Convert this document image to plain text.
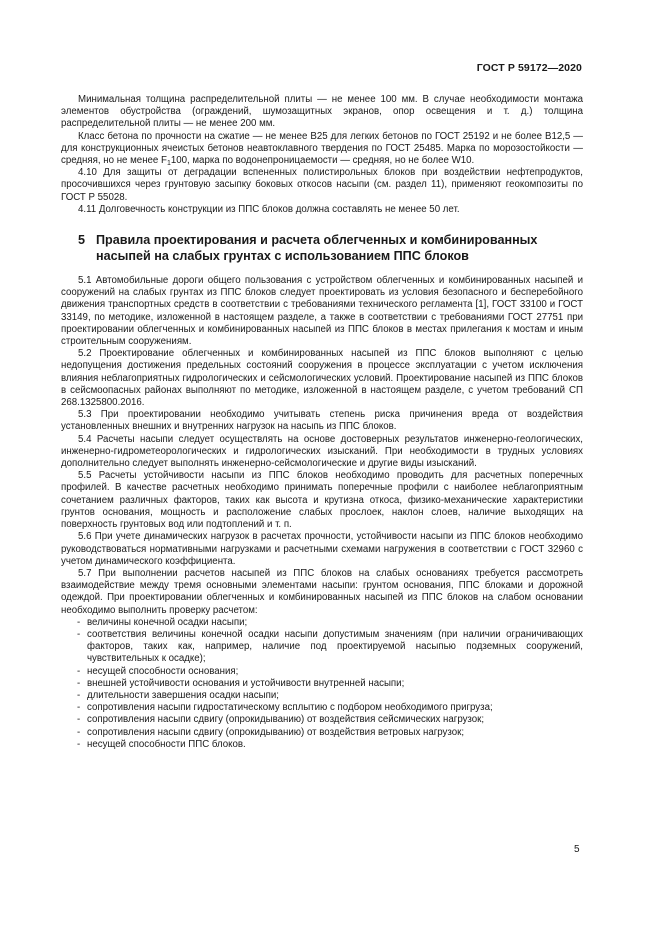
ГОСТ Р 59172—2020

Минимальная толщина распределительной плиты — не менее 100 мм. В случае необходимости монтажа элементов обустройства (ограждений, шумозащитных экранов, опор освещения и т. д.) толщина распределительной плиты — не менее 200 мм.

Класс бетона по прочности на сжатие — не менее В25 для легких бетонов по ГОСТ 25192 и не более В12,5 — для конструкционных ячеистых бетонов неавтоклавного твердения по ГОСТ 25485. Марка по морозостойкости — средняя, но не менее $F_1100$, марка по водонепроницаемости — средняя, но не более W10.

4.10 Для защиты от деградации вспененных полистирольных блоков при воздействии нефтепродуктов, просочившихся через грунтовую засыпку боковых откосов насыпи (см. раздел 11), применяют геокомпозиты по ГОСТ Р 55028.

4.11 Долговечность конструкции из ППС блоков должна составлять не менее 50 лет.

5 Правила проектирования и расчета облегченных и комбинированных
насыпей на слабых грунтах с использованием ППС блоков

5.1 Автомобильные дороги общего пользования с устройством облегченных и комбинированных насыпей и сооружений на слабых грунтах из ППС блоков следует проектировать из условия безопасного и бесперебойного движения транспортных средств в соответствии с требованиями технического регламента [1], ГОСТ 33100 и ГОСТ 33149, по методике, изложенной в настоящем разделе, а также в соответствии с требованиями ГОСТ 27751 при проектировании облегченных и комбинированных насыпей из ППС блоков в местах прилегания к мостам и иным строительным сооружениям.

5.2 Проектирование облегченных и комбинированных насыпей из ППС блоков выполняют с целью недопущения достижения предельных состояний сооружения в процессе эксплуатации с учетом исключения влияния неблагоприятных гидрологических и сейсмологических условий. Проектирование насыпей из ППС блоков в сейсмоопасных районах выполняют по методике, изложенной в настоящем разделе, с учетом требований СП 268.1325800.2016.

5.3 При проектировании необходимо учитывать степень риска причинения вреда от воздействия установленных внешних и внутренних нагрузок на насыпь из ППС блоков.

5.4 Расчеты насыпи следует осуществлять на основе достоверных результатов инженерно-геологических, инженерно-гидрометеорологических и гидрологических изысканий. При необходимости в трудных условиях дополнительно следует выполнять инженерно-сейсмологические и другие виды изысканий.

5.5 Расчеты устойчивости насыпи из ППС блоков необходимо проводить для расчетных поперечных профилей. В качестве расчетных необходимо принимать поперечные профили с наиболее неблагоприятным сочетанием различных факторов, таких как высота и крутизна откоса, физико-механические характеристики грунтов основания, мощность и расположение слабых прослоек, наклон слоев, наличие выходящих на поверхность грунтовых вод или подтоплений и т. п.

5.6 При учете динамических нагрузок в расчетах прочности, устойчивости насыпи из ППС блоков необходимо руководствоваться нормативными нагрузками и расчетными схемами нагружения в соответствии с ГОСТ 32960 с учетом динамического коэффициента.

5.7 При выполнении расчетов насыпей из ППС блоков на слабых основаниях требуется рассмотреть взаимодействие между тремя основными элементами насыпи: грунтом основания, ППС блоками и дорожной одеждой. При проектировании облегченных и комбинированных насыпей из ППС блоков на слабом основании необходимо выполнить проверку расчетом:

- величины конечной осадки насыпи;

- соответствия величины конечной осадки насыпи допустимым значениям (при наличии ограничивающих факторов, таких как, например, наличие под проектируемой насыпью подземных сооружений, чувствительных к осадке);

- несущей способности основания;

- внешней устойчивости основания и устойчивости внутренней насыпи;

- длительности завершения осадки насыпи;

- сопротивления насыпи гидростатическому всплытию с подбором необходимого пригруза;

- сопротивления насыпи сдвигу (опрокидыванию) от воздействия сейсмических нагрузок;

- сопротивления насыпи сдвигу (опрокидыванию) от воздействия ветровых нагрузок;

- несущей способности ППС блоков.

5
